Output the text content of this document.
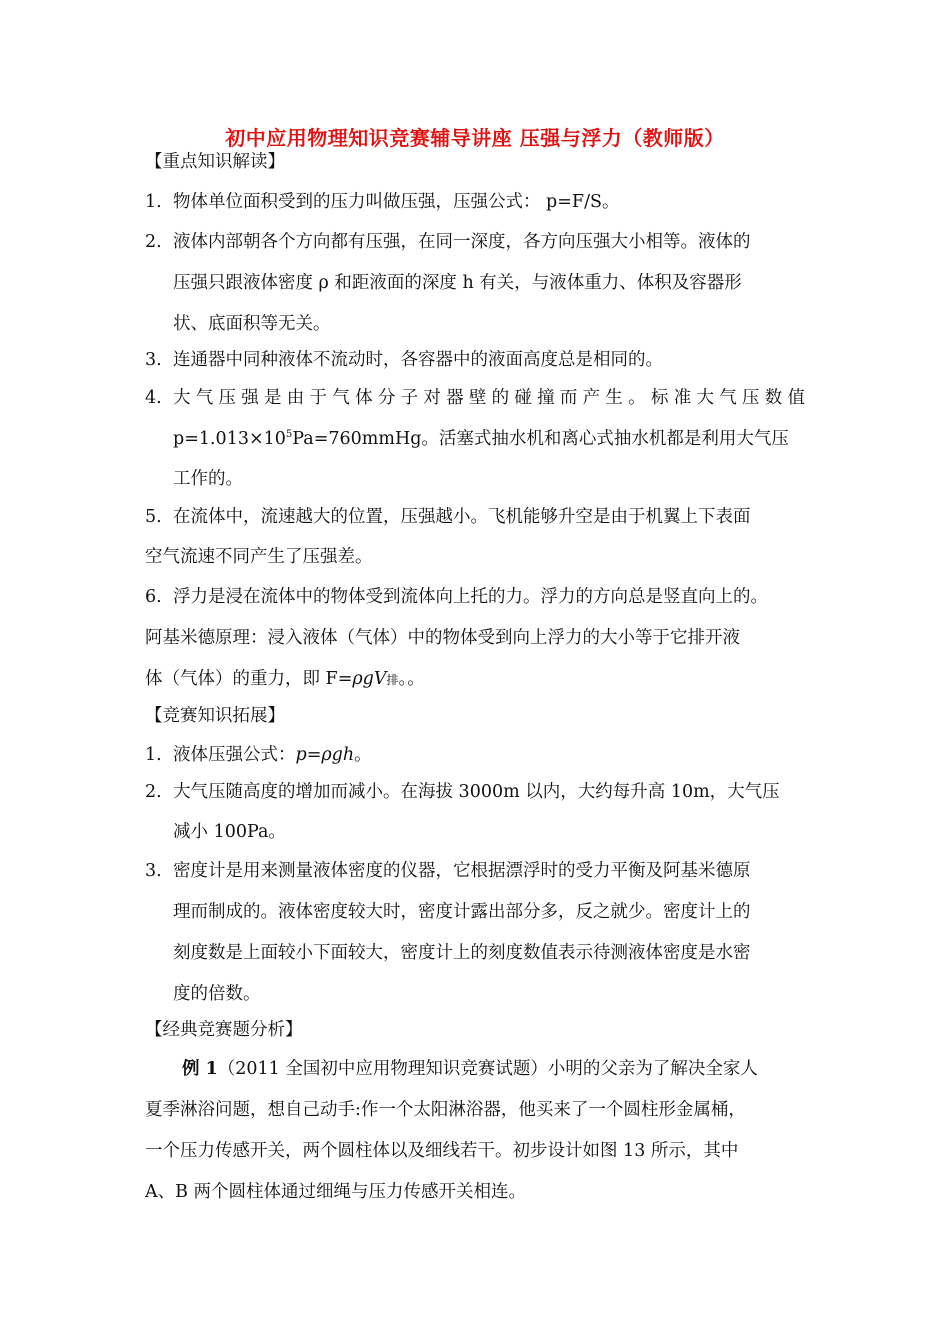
初中应用物理知识竞赛辅导讲座 压强与浮力（教师版）
【重点知识解读】
1. 物体单位面积受到的压力叫做压强，压强公式： p=F/S。
2. 液体内部朝各个方向都有压强，在同一深度，各方向压强大小相等。液体的
压强只跟液体密度 ρ 和距液面的深度 h 有关，与液体重力、体积及容器形
状、底面积等无关。
3. 连通器中同种液体不流动时，各容器中的液面高度总是相同的。
4. 大气压强是由于气体分子对器壁的碰撞而产生。标准大气压数值
$p=1.013\times 10^5Pa=760mmHg$。活塞式抽水机和离心式抽水机都是利用大气压
工作的。
5. 在流体中，流速越大的位置，压强越小。飞机能够升空是由于机翼上下表面
空气流速不同产生了压强差。
6. 浮力是浸在流体中的物体受到流体向上托的力。浮力的方向总是竖直向上的。
阿基米德原理：浸入液体（气体）中的物体受到向上浮力的大小等于它排开液
体（气体）的重力，即 F=ρgV排。。
【竞赛知识拓展】
1. 液体压强公式：p=ρgh。
2. 大气压随高度的增加而减小。在海拔 3000m 以内，大约每升高 10m，大气压
减小 100Pa。
3. 密度计是用来测量液体密度的仪器，它根据漂浮时的受力平衡及阿基米德原
理而制成的。液体密度较大时，密度计露出部分多，反之就少。密度计上的
刻度数是上面较小下面较大，密度计上的刻度数值表示待测液体密度是水密
度的倍数。
【经典竞赛题分析】
例 1（2011 全国初中应用物理知识竞赛试题）小明的父亲为了解决全家人
夏季淋浴问题，想自己动手:作一个太阳淋浴器，他买来了一个圆柱形金属桶，
一个压力传感开关，两个圆柱体以及细线若干。初步设计如图 13 所示，其中
A、B 两个圆柱体通过细绳与压力传感开关相连。
